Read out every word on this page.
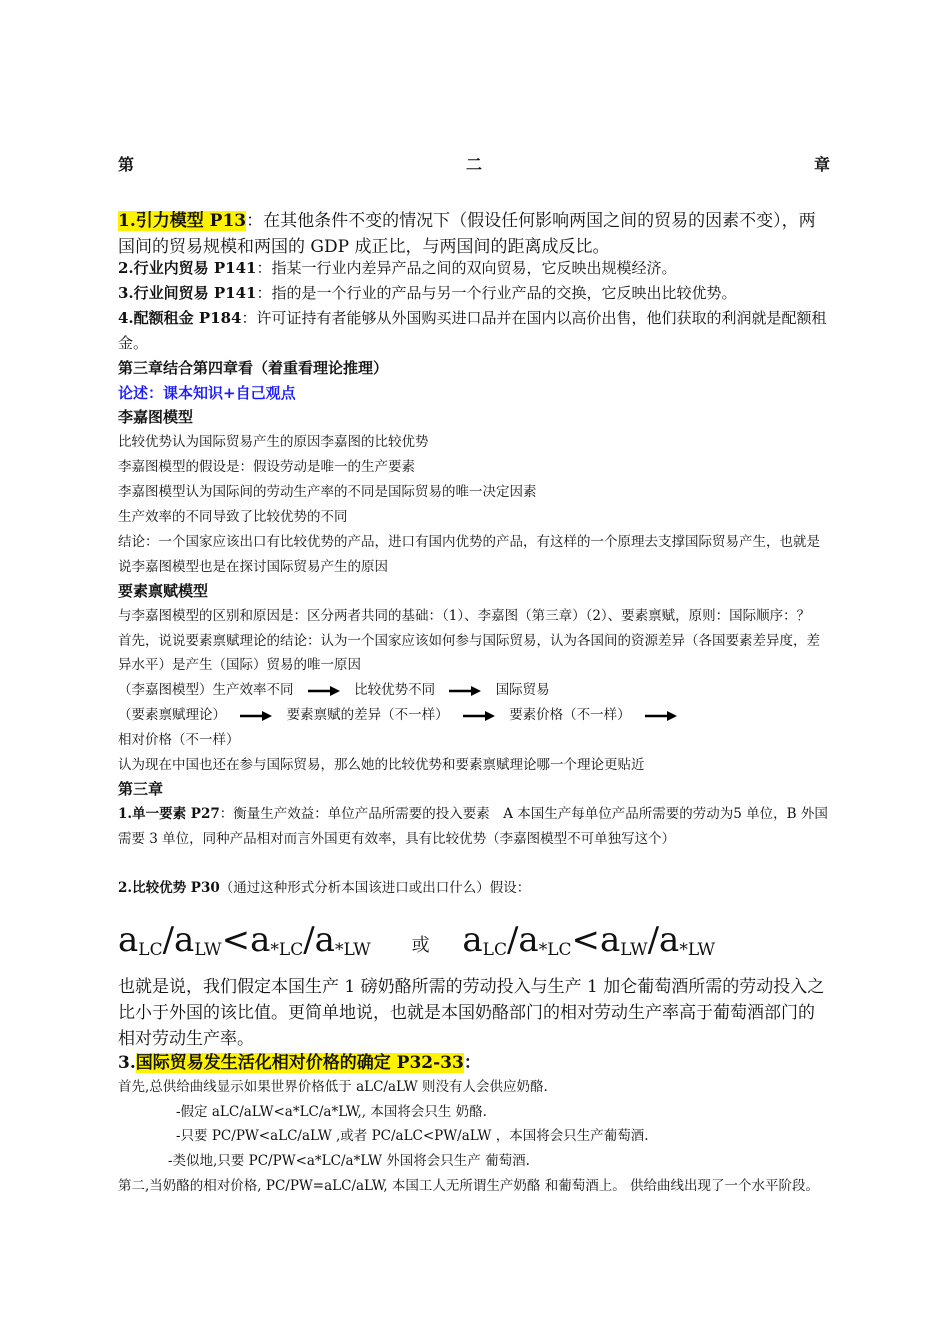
第	二	章
1.引力模型 P13：在其他条件不变的情况下（假设任何影响两国之间的贸易的因素不变），两国间的贸易规模和两国的 GDP 成正比，与两国间的距离成反比。
2.行业内贸易 P141：指某一行业内差异产品之间的双向贸易，它反映出规模经济。
3.行业间贸易 P141：指的是一个行业的产品与另一个行业产品的交换，它反映出比较优势。
4.配额租金 P184：许可证持有者能够从外国购买进口品并在国内以高价出售，他们获取的利润就是配额租金。
第三章结合第四章看（着重看理论推理）
论述：课本知识+自己观点
李嘉图模型
比较优势认为国际贸易产生的原因李嘉图的比较优势
李嘉图模型的假设是：假设劳动是唯一的生产要素
李嘉图模型认为国际间的劳动生产率的不同是国际贸易的唯一决定因素
生产效率的不同导致了比较优势的不同
结论：一个国家应该出口有比较优势的产品，进口有国内优势的产品，有这样的一个原理去支撑国际贸易产生，也就是说李嘉图模型也是在探讨国际贸易产生的原因
要素禀赋模型
与李嘉图模型的区别和原因是：区分两者共同的基础：（1）、李嘉图（第三章）（2）、要素禀赋，原则：国际顺序：？　首先，说说要素禀赋理论的结论：认为一个国家应该如何参与国际贸易，认为各国间的资源差异（各国要素差异度，差异水平）是产生（国际）贸易的唯一原因
（李嘉图模型）生产效率不同	比较优势不同	国际贸易
（要素禀赋理论）	要素禀赋的差异（不一样）	要素价格（不一样）
相对价格（不一样）
认为现在中国也还在参与国际贸易，那么她的比较优势和要素禀赋理论哪一个理论更贴近
第三章
1.单一要素 P27：衡量生产效益：单位产品所需要的投入要素　A 本国生产每单位产品所需要的劳动为5 单位，B 外国需要 3 单位，同种产品相对而言外国更有效率，具有比较优势（李嘉图模型不可单独写这个）
2.比较优势 P30（通过这种形式分析本国该进口或出口什么）假设：
$a_{LC}/a_{LW}<a_{*LC}/a_{*LW}$ 或 $a_{LC}/a_{*LC}<a_{LW}/a_{*LW}$
也就是说，我们假定本国生产 1 磅奶酪所需的劳动投入与生产 1 加仑葡萄酒所需的劳动投入之比小于外国的该比值。更简单地说，也就是本国奶酪部门的相对劳动生产率高于葡萄酒部门的相对劳动生产率。
3.国际贸易发生活化相对价格的确定 P32-33：
首先,总供给曲线显示如果世界价格低于 aLC/aLW 则没有人会供应奶酪.
-假定 aLC/aLW<a*LC/a*LW,, 本国将会只生 奶酪.
-只要 PC/PW<aLC/aLW ,或者 PC/aLC<PW/aLW ，本国将会只生产葡萄酒.
-类似地,只要 PC/PW<a*LC/a*LW 外国将会只生产 葡萄酒.
第二,当奶酪的相对价格, PC/PW=aLC/aLW, 本国工人无所谓生产奶酪 和葡萄酒上。 供给曲线出现了一个水平阶段。
